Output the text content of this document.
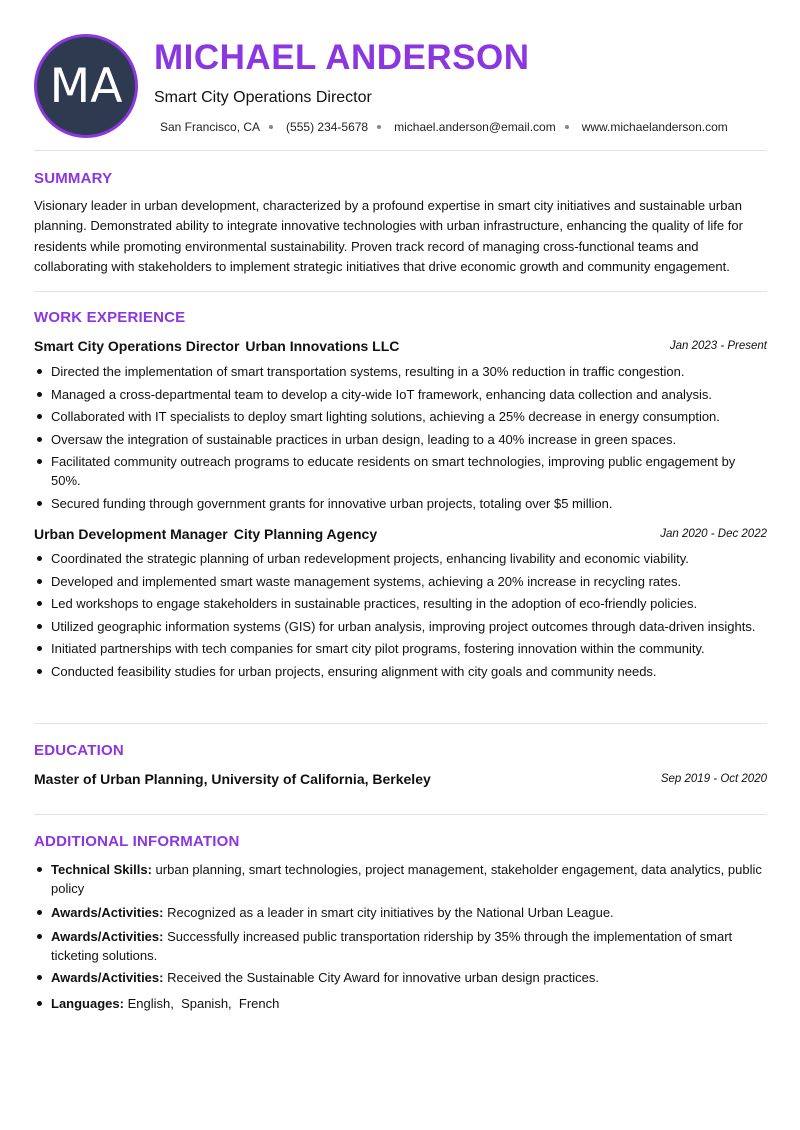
MA
MICHAEL ANDERSON
Smart City Operations Director
San Francisco, CA (555) 234-5678 michael.anderson@email.com www.michaelanderson.com
SUMMARY
Visionary leader in urban development, characterized by a profound expertise in smart city initiatives and sustainable urban planning. Demonstrated ability to integrate innovative technologies with urban infrastructure, enhancing the quality of life for residents while promoting environmental sustainability. Proven track record of managing cross-functional teams and collaborating with stakeholders to implement strategic initiatives that drive economic growth and community engagement.
WORK EXPERIENCE
Smart City Operations Director Urban Innovations LLC	Jan 2023 - Present
Directed the implementation of smart transportation systems, resulting in a 30% reduction in traffic congestion.
Managed a cross-departmental team to develop a city-wide IoT framework, enhancing data collection and analysis.
Collaborated with IT specialists to deploy smart lighting solutions, achieving a 25% decrease in energy consumption.
Oversaw the integration of sustainable practices in urban design, leading to a 40% increase in green spaces.
Facilitated community outreach programs to educate residents on smart technologies, improving public engagement by 50%.
Secured funding through government grants for innovative urban projects, totaling over $5 million.
Urban Development Manager City Planning Agency	Jan 2020 - Dec 2022
Coordinated the strategic planning of urban redevelopment projects, enhancing livability and economic viability.
Developed and implemented smart waste management systems, achieving a 20% increase in recycling rates.
Led workshops to engage stakeholders in sustainable practices, resulting in the adoption of eco-friendly policies.
Utilized geographic information systems (GIS) for urban analysis, improving project outcomes through data-driven insights.
Initiated partnerships with tech companies for smart city pilot programs, fostering innovation within the community.
Conducted feasibility studies for urban projects, ensuring alignment with city goals and community needs.
EDUCATION
Master of Urban Planning, University of California, Berkeley	Sep 2019 - Oct 2020
ADDITIONAL INFORMATION
Technical Skills: urban planning, smart technologies, project management, stakeholder engagement, data analytics, public policy
Awards/Activities: Recognized as a leader in smart city initiatives by the National Urban League.
Awards/Activities: Successfully increased public transportation ridership by 35% through the implementation of smart ticketing solutions.
Awards/Activities: Received the Sustainable City Award for innovative urban design practices.
Languages: English,  Spanish,  French
